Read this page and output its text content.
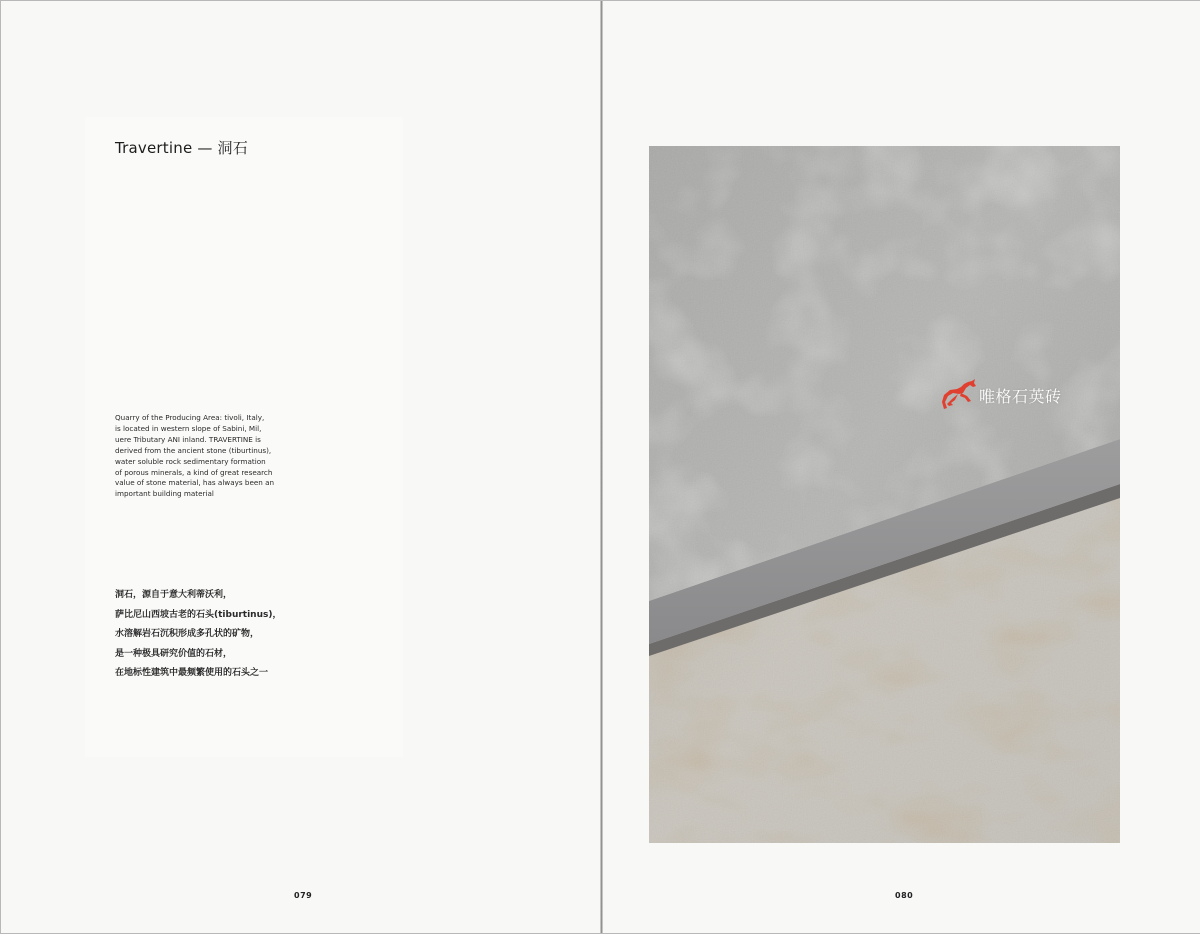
Travertine — 洞石

Quarry of the Producing Area: tivoli, Italy,
is located in western slope of Sabini, Mil,
uere Tributary ANI inland. TRAVERTINE is
derived from the ancient stone (tiburtinus),
water soluble rock sedimentary formation
of porous minerals, a kind of great research
value of stone material, has always been an
important building material

洞石，源自于意大利蒂沃利，
萨比尼山西坡古老的石头(tiburtinus)，
水溶解岩石沉积形成多孔状的矿物，
是一种极具研究价值的石材，
在地标性建筑中最频繁使用的石头之一

079
唯格石英砖
080
